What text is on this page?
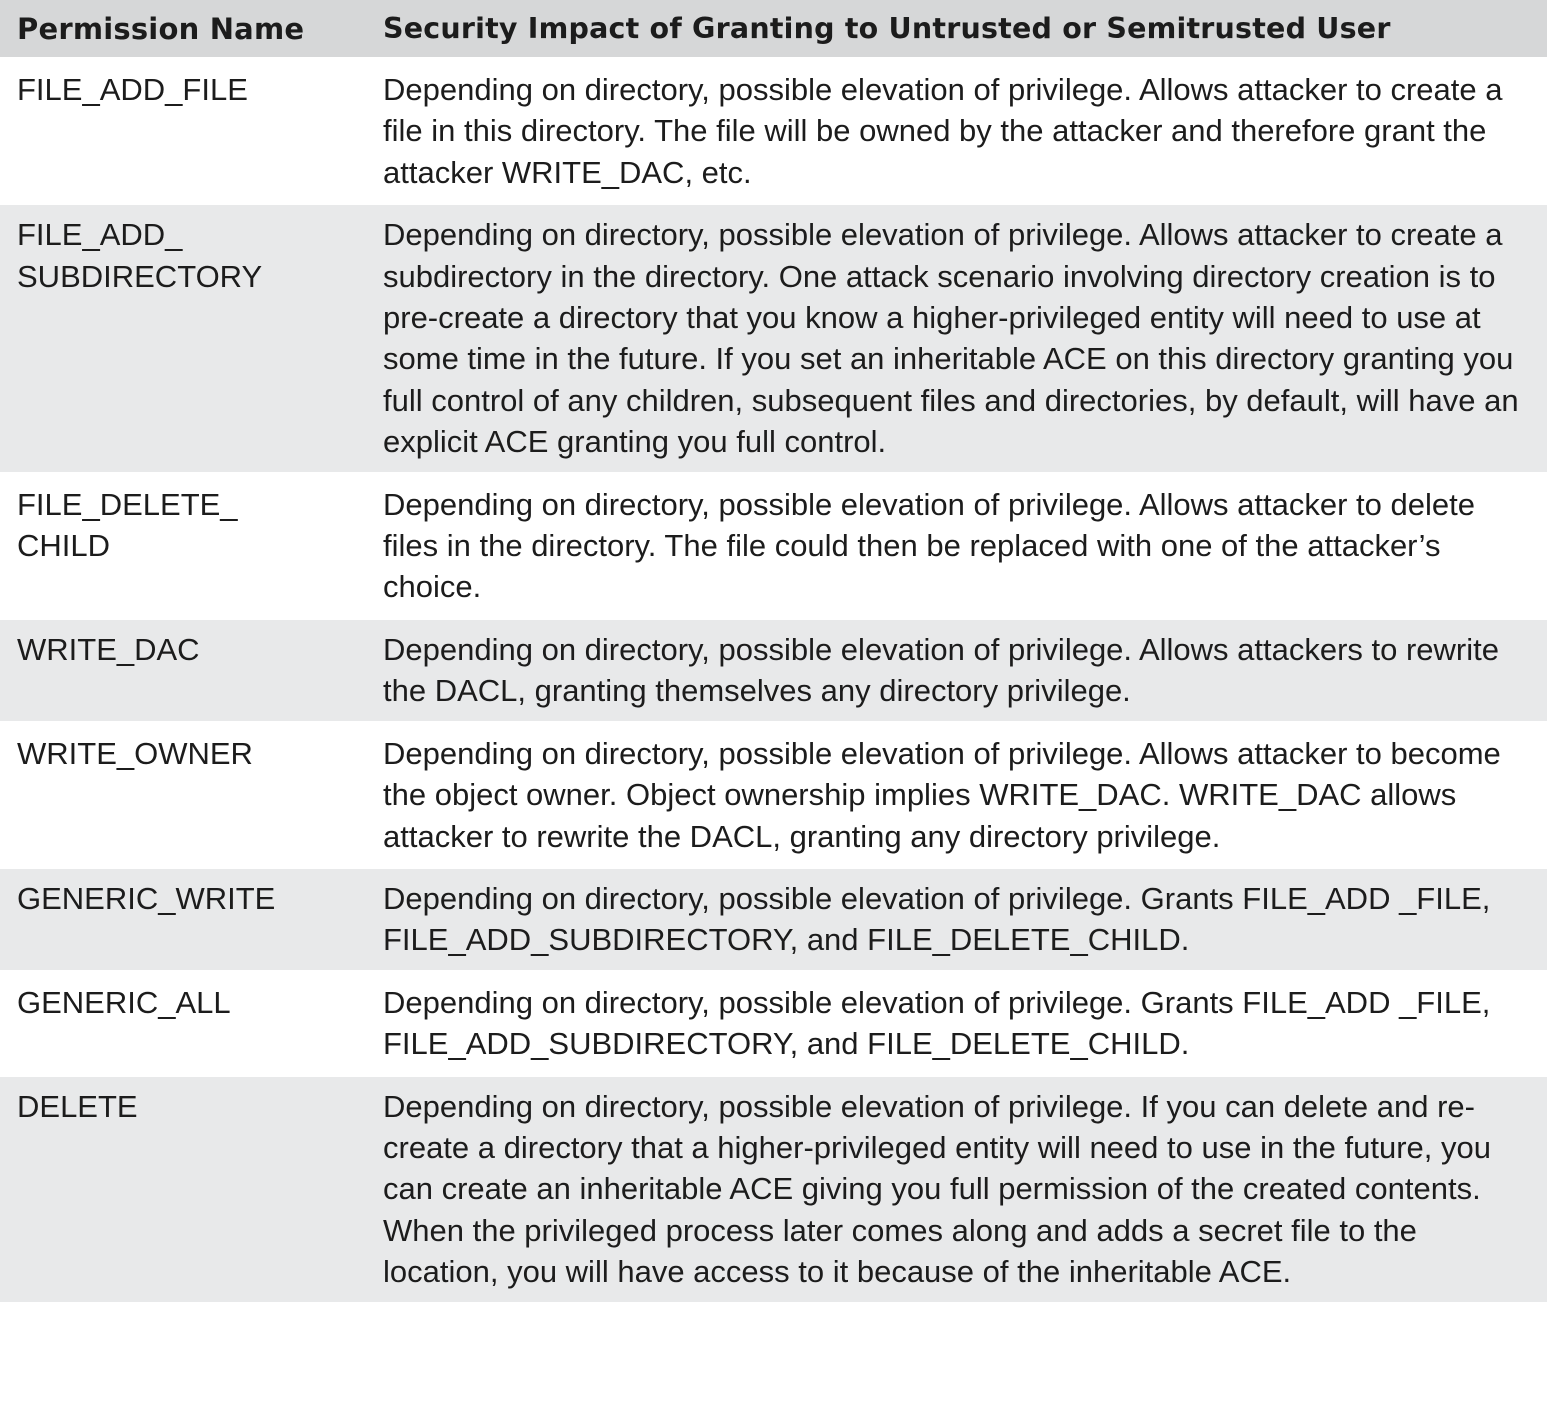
Permission Name	Security Impact of Granting to Untrusted or Semitrusted User

FILE_ADD_FILE	Depending on directory, possible elevation of privilege. Allows attacker to create a file in this directory. The file will be owned by the attacker and therefore grant the attacker WRITE_DAC, etc.

FILE_ADD_
SUBDIRECTORY	Depending on directory, possible elevation of privilege. Allows attacker to create a subdirectory in the directory. One attack scenario involving directory creation is to pre-create a directory that you know a higher-privileged entity will need to use at some time in the future. If you set an inheritable ACE on this directory granting you full control of any children, subsequent files and directories, by default, will have an explicit ACE granting you full control.

FILE_DELETE_
CHILD	Depending on directory, possible elevation of privilege. Allows attacker to delete files in the directory. The file could then be replaced with one of the attacker’s choice.

WRITE_DAC	Depending on directory, possible elevation of privilege. Allows attackers to rewrite the DACL, granting themselves any directory privilege.

WRITE_OWNER	Depending on directory, possible elevation of privilege. Allows attacker to become the object owner. Object ownership implies WRITE_DAC. WRITE_DAC allows attacker to rewrite the DACL, granting any directory privilege.

GENERIC_WRITE	Depending on directory, possible elevation of privilege. Grants FILE_ADD _FILE, FILE_ADD_SUBDIRECTORY, and FILE_DELETE_CHILD.

GENERIC_ALL	Depending on directory, possible elevation of privilege. Grants FILE_ADD _FILE, FILE_ADD_SUBDIRECTORY, and FILE_DELETE_CHILD.

DELETE	Depending on directory, possible elevation of privilege. If you can delete and re-create a directory that a higher-privileged entity will need to use in the future, you can create an inheritable ACE giving you full permission of the created contents. When the privileged process later comes along and adds a secret file to the location, you will have access to it because of the inheritable ACE.
